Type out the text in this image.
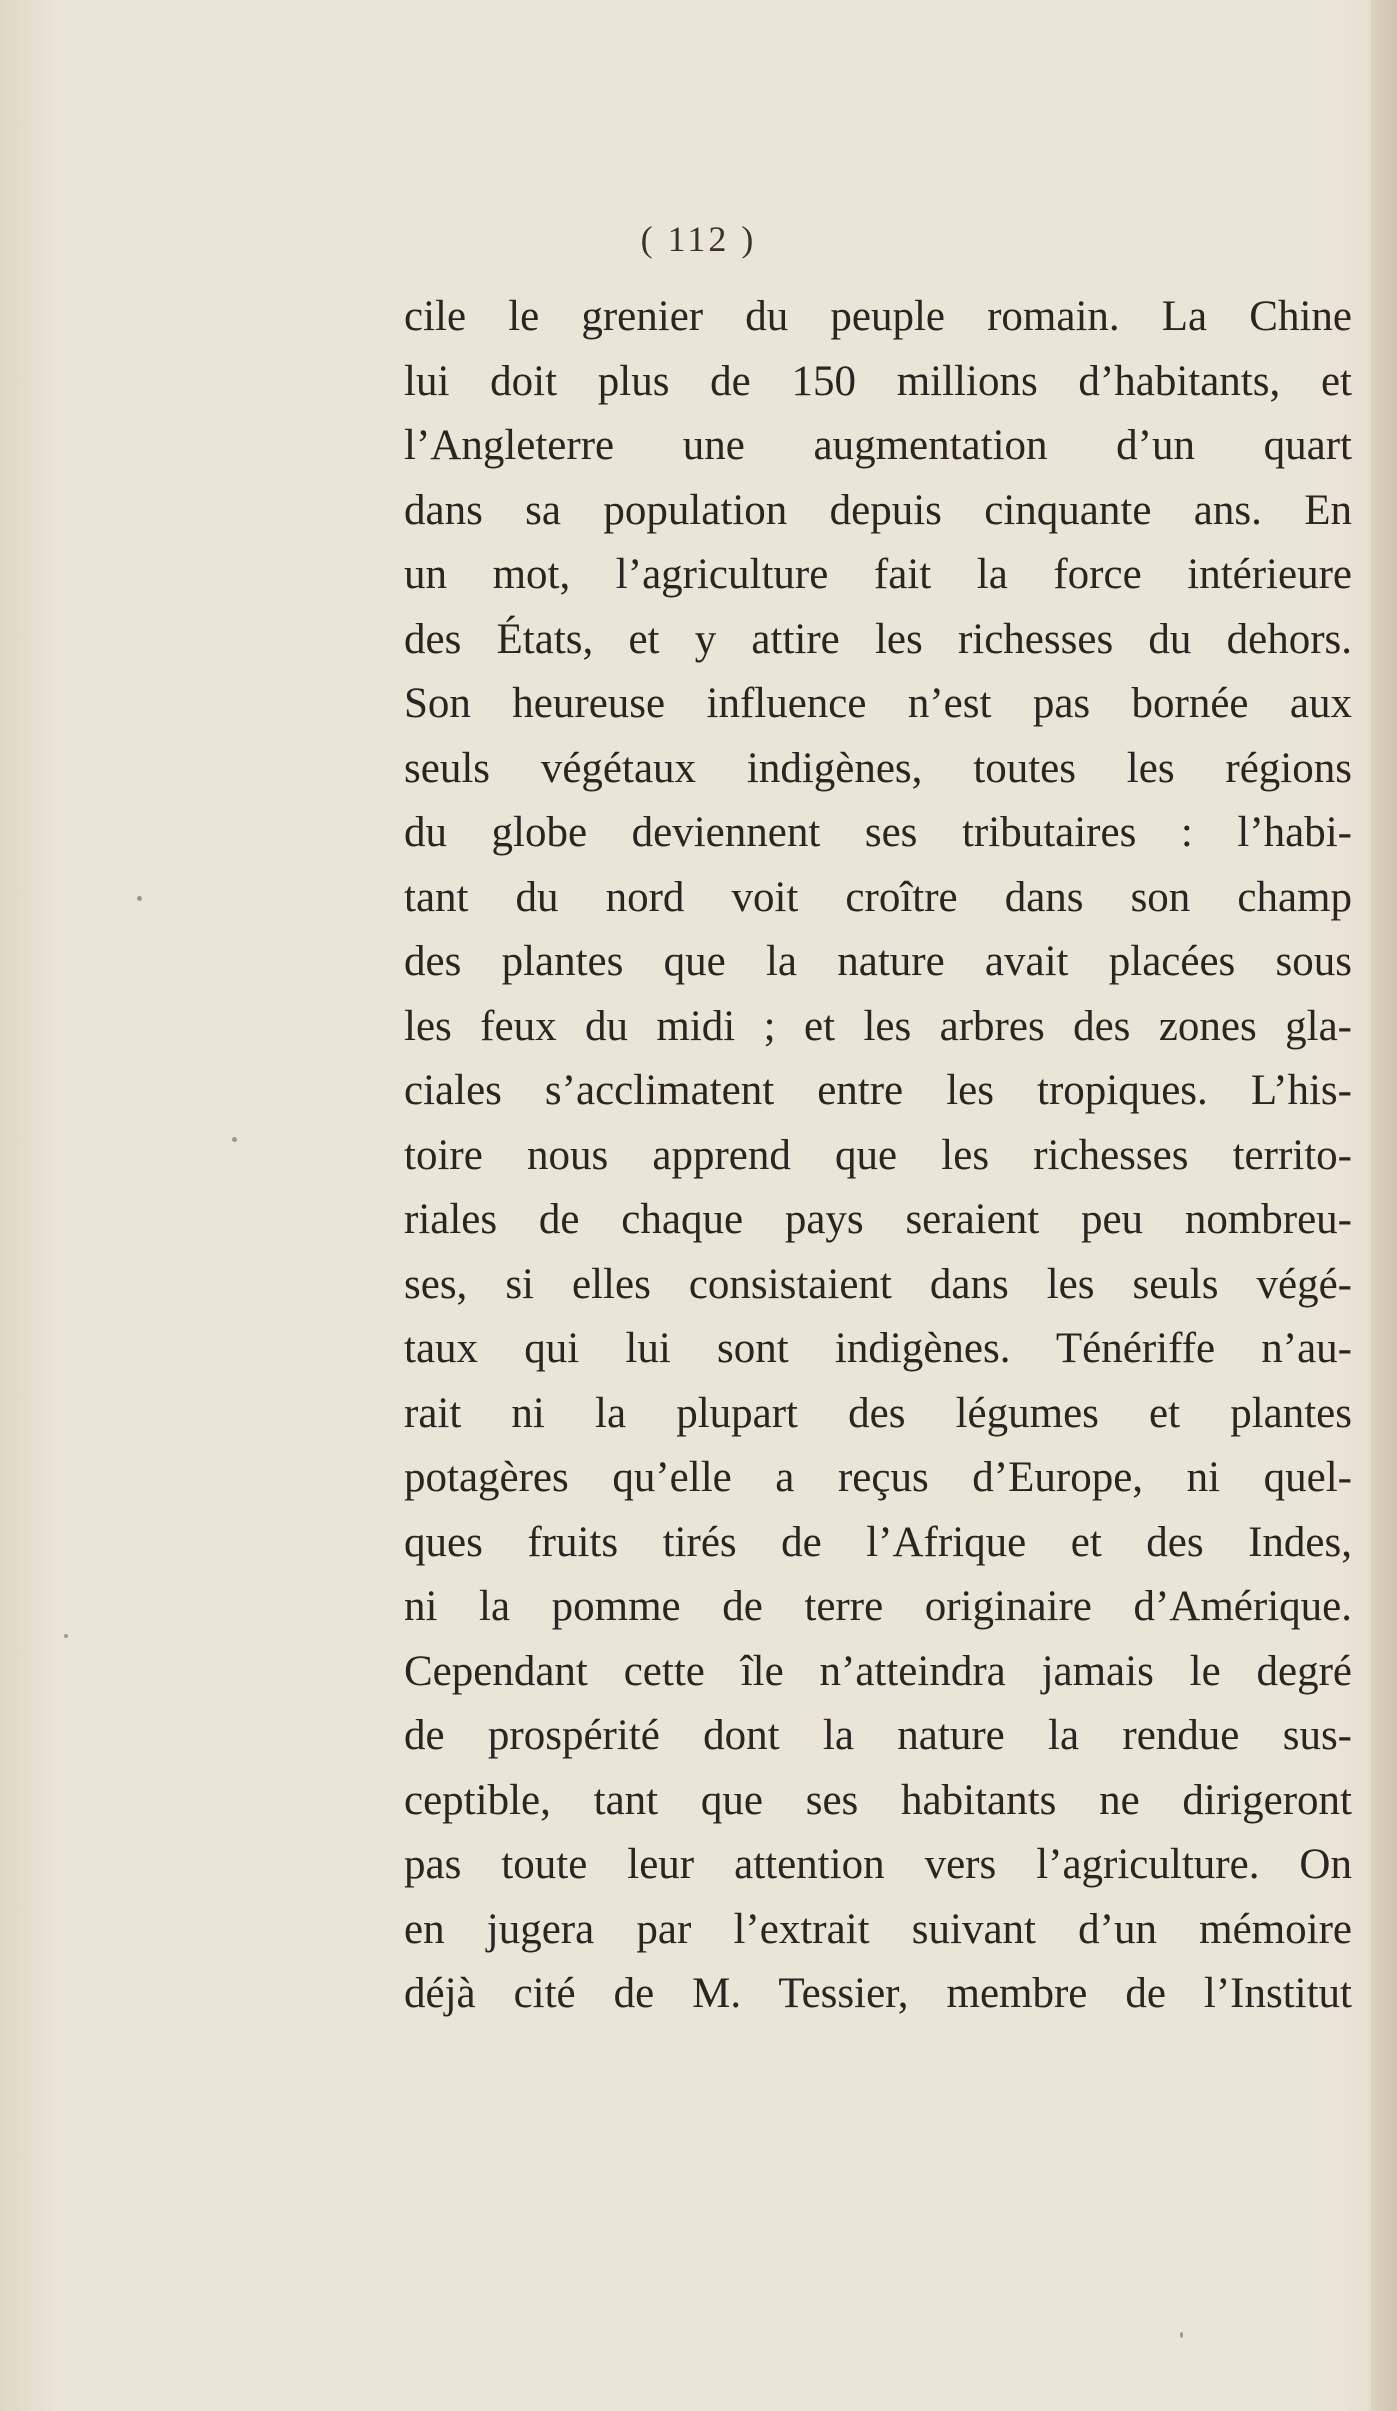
( 112 )
cile le grenier du peuple romain. La Chine
lui doit plus de 150 millions d’habitants, et
l’Angleterre une augmentation d’un quart
dans sa population depuis cinquante ans. En
un mot, l’agriculture fait la force intérieure
des États, et y attire les richesses du dehors.
Son heureuse influence n’est pas bornée aux
seuls végétaux indigènes, toutes les régions
du globe deviennent ses tributaires : l’habi-
tant du nord voit croître dans son champ
des plantes que la nature avait placées sous
les feux du midi ; et les arbres des zones gla-
ciales s’acclimatent entre les tropiques. L’his-
toire nous apprend que les richesses territo-
riales de chaque pays seraient peu nombreu-
ses, si elles consistaient dans les seuls végé-
taux qui lui sont indigènes. Ténériffe n’au-
rait ni la plupart des légumes et plantes
potagères qu’elle a reçus d’Europe, ni quel-
ques fruits tirés de l’Afrique et des Indes,
ni la pomme de terre originaire d’Amérique.
Cependant cette île n’atteindra jamais le degré
de prospérité dont la nature la rendue sus-
ceptible, tant que ses habitants ne dirigeront
pas toute leur attention vers l’agriculture. On
en jugera par l’extrait suivant d’un mémoire
déjà cité de M. Tessier, membre de l’Institut
